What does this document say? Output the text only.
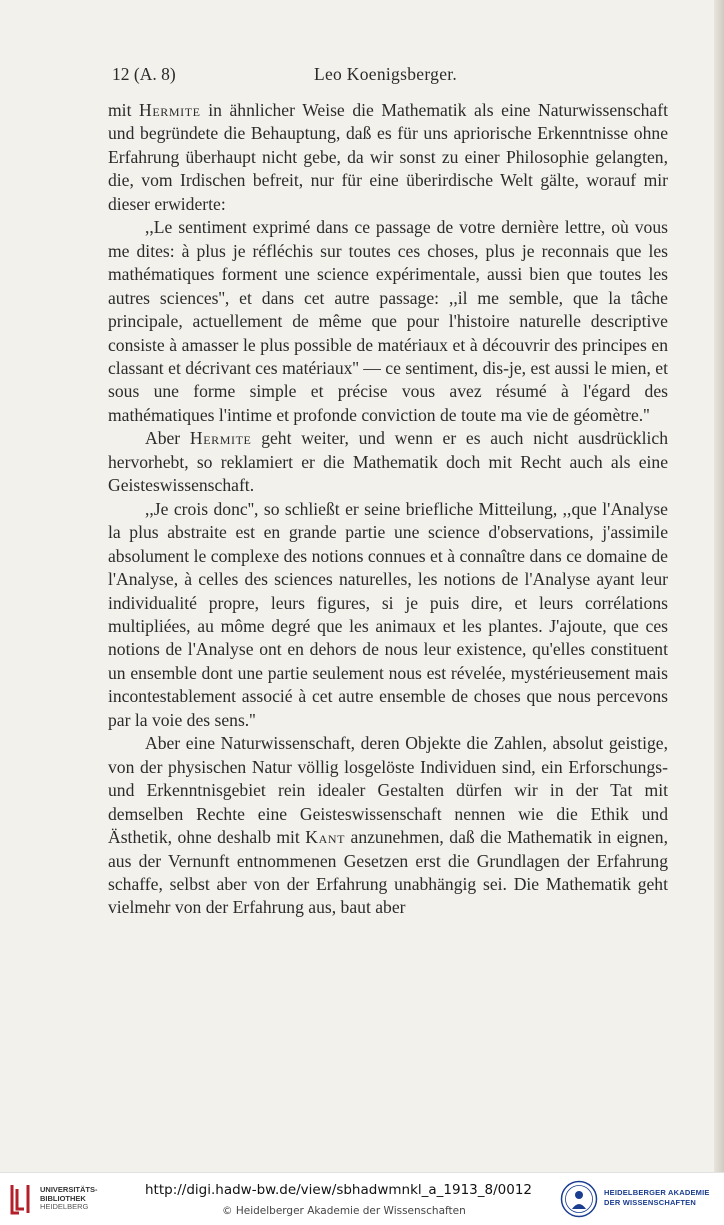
12 (A. 8)	Leo Koenigsberger.

mit Hermite in ähnlicher Weise die Mathematik als eine Naturwissenschaft und begründete die Behauptung, daß es für uns apriorische Erkenntnisse ohne Erfahrung überhaupt nicht gebe, da wir sonst zu einer Philosophie gelangten, die, vom Irdischen befreit, nur für eine überirdische Welt gälte, worauf mir dieser erwiderte:

,,Le sentiment exprimé dans ce passage de votre dernière lettre, où vous me dites: à plus je réfléchis sur toutes ces choses, plus je reconnais que les mathématiques forment une science expérimentale, aussi bien que toutes les autres sciences'', et dans cet autre passage: ,,il me semble, que la tâche principale, actuellement de même que pour l'histoire naturelle descriptive consiste à amasser le plus possible de matériaux et à découvrir des principes en classant et décrivant ces matériaux'' — ce sentiment, dis-je, est aussi le mien, et sous une forme simple et précise vous avez résumé à l'égard des mathématiques l'intime et profonde conviction de toute ma vie de géomètre.''

Aber Hermite geht weiter, und wenn er es auch nicht ausdrücklich hervorhebt, so reklamiert er die Mathematik doch mit Recht auch als eine Geisteswissenschaft.

,,Je crois donc'', so schließt er seine briefliche Mitteilung, ,,que l'Analyse la plus abstraite est en grande partie une science d'observations, j'assimile absolument le complexe des notions connues et à connaître dans ce domaine de l'Analyse, à celles des sciences naturelles, les notions de l'Analyse ayant leur individualité propre, leurs figures, si je puis dire, et leurs corrélations multipliées, au môme degré que les animaux et les plantes. J'ajoute, que ces notions de l'Analyse ont en dehors de nous leur existence, qu'elles constituent un ensemble dont une partie seulement nous est révelée, mystérieusement mais incontestablement associé à cet autre ensemble de choses que nous percevons par la voie des sens.''

Aber eine Naturwissenschaft, deren Objekte die Zahlen, absolut geistige, von der physischen Natur völlig losgelöste Individuen sind, ein Erforschungs- und Erkenntnisgebiet rein idealer Gestalten dürfen wir in der Tat mit demselben Rechte eine Geisteswissenschaft nennen wie die Ethik und Ästhetik, ohne deshalb mit Kant anzunehmen, daß die Mathematik in eignen, aus der Vernunft entnommenen Gesetzen erst die Grundlagen der Erfahrung schaffe, selbst aber von der Erfahrung unabhängig sei. Die Mathematik geht vielmehr von der Erfahrung aus, baut aber

UNIVERSITÄTS-
BIBLIOTHEK
HEIDELBERG
http://digi.hadw-bw.de/view/sbhadwmnkl_a_1913_8/0012
© Heidelberger Akademie der Wissenschaften
HEIDELBERGER AKADEMIE
DER WISSENSCHAFTEN
